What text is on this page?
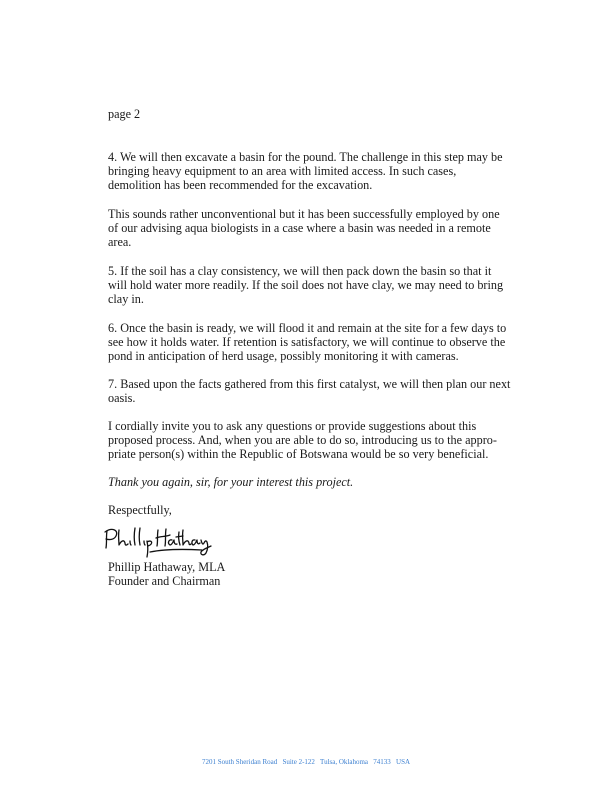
page 2
4. We will then excavate a basin for the pound. The challenge in this step may be
bringing heavy equipment to an area with limited access. In such cases,
demolition has been recommended for the excavation.
This sounds rather unconventional but it has been successfully employed by one
of our advising aqua biologists in a case where a basin was needed in a remote
area.
5. If the soil has a clay consistency, we will then pack down the basin so that it
will hold water more readily. If the soil does not have clay, we may need to bring
clay in.
6. Once the basin is ready, we will flood it and remain at the site for a few days to
see how it holds water. If retention is satisfactory, we will continue to observe the
pond in anticipation of herd usage, possibly monitoring it with cameras.
7. Based upon the facts gathered from this first catalyst, we will then plan our next
oasis.
I cordially invite you to ask any questions or provide suggestions about this
proposed process. And, when you are able to do so, introducing us to the appro-
priate person(s) within the Republic of Botswana would be so very beneficial.
Thank you again, sir, for your interest this project.
Respectfully,
Phillip Hathaway, MLA
Founder and Chairman
7201 South Sheridan Road   Suite 2-122   Tulsa, Oklahoma   74133   USA
